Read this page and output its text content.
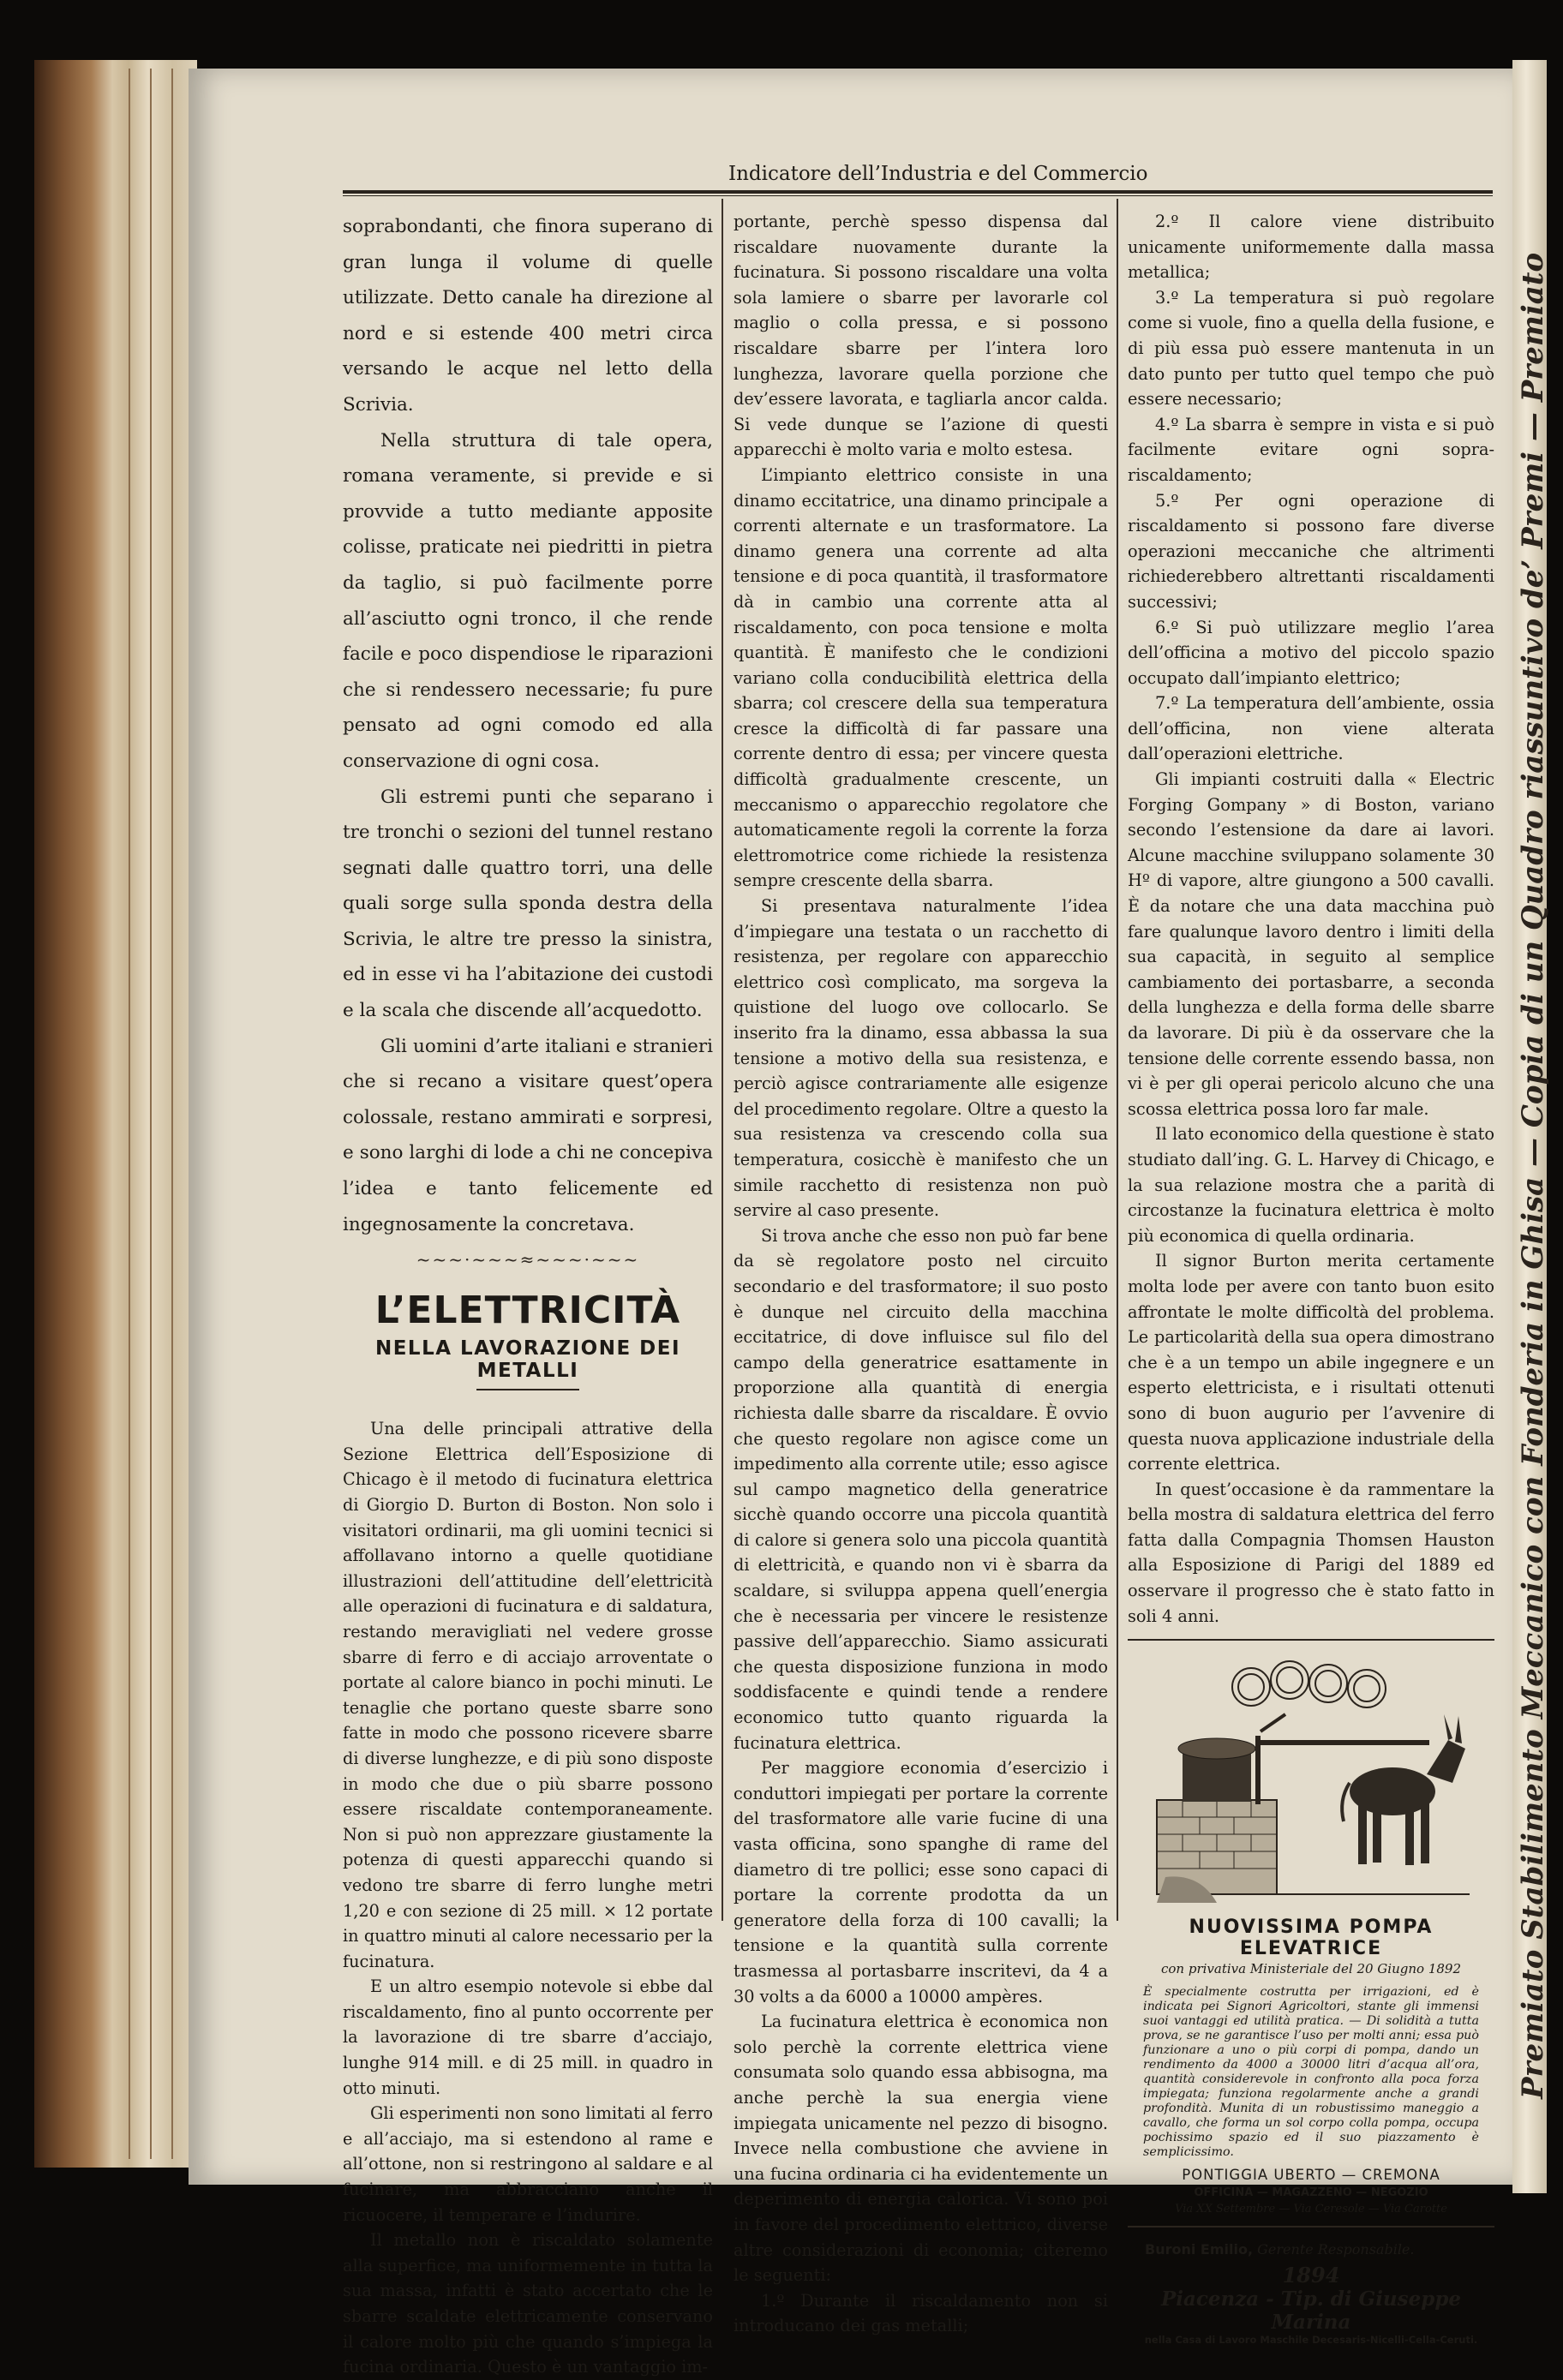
Premiato Stabilimento Meccanico con Fonderia in Ghisa — Copia di un Quadro riassuntivo de’ Premi — Premiato
Indicatore dell’Industria e del Commercio

soprabondanti, che finora superano di gran lunga il volume di quelle utilizzate. Detto canale ha direzione al nord e si estende 400 metri circa versando le acque nel letto della Scrivia.

Nella struttura di tale opera, romana veramente, si previde e si provvide a tutto mediante apposite colisse, praticate nei piedritti in pietra da taglio, si può facilmente porre all’asciutto ogni tronco, il che rende facile e poco dispendiose le riparazioni che si rendessero necessarie; fu pure pensato ad ogni comodo ed alla conservazione di ogni cosa.

Gli estremi punti che separano i tre tronchi o sezioni del tunnel restano segnati dalle quattro torri, una delle quali sorge sulla sponda destra della Scrivia, le altre tre presso la sinistra, ed in esse vi ha l’abitazione dei custodi e la scala che discende all’acquedotto.

Gli uomini d’arte italiani e stranieri che si recano a visitare quest’opera colossale, restano ammirati e sorpresi, e sono larghi di lode a chi ne concepiva l’idea e tanto felicemente ed ingegnosamente la concretava.

~~~·~~~≈~~~·~~~
L’ELETTRICITÀ
NELLA LAVORAZIONE DEI METALLI

Una delle principali attrative della Sezione Elettrica dell’Esposizione di Chicago è il metodo di fucinatura elettrica di Giorgio D. Burton di Boston. Non solo i visitatori ordinarii, ma gli uomini tecnici si affollavano intorno a quelle quotidiane illustrazioni dell’attitudine dell’elettricità alle operazioni di fucinatura e di saldatura, restando meravigliati nel vedere grosse sbarre di ferro e di acciajo arroventate o portate al calore bianco in pochi minuti. Le tenaglie che portano queste sbarre sono fatte in modo che possono ricevere sbarre di diverse lunghezze, e di più sono disposte in modo che due o più sbarre possono essere riscaldate contemporaneamente. Non si può non apprezzare giustamente la potenza di questi apparecchi quando si vedono tre sbarre di ferro lunghe metri 1,20 e con sezione di 25 mill. × 12 portate in quattro minuti al calore necessario per la fucinatura.

E un altro esempio notevole si ebbe dal riscaldamento, fino al punto occorrente per la lavorazione di tre sbarre d’acciajo, lunghe 914 mill. e di 25 mill. in quadro in otto minuti.

Gli esperimenti non sono limitati al ferro e all’acciajo, ma si estendono al rame e all’ottone, non si restringono al saldare e al fucinare, ma abbracciano anche il ricuocere, il temperare e l’indurire.

Il metallo non è riscaldato solamente alla superfice, ma uniformemente in tutta la sua massa, infatti è stato accertato che le sbarre scaldate elettricamente conservano il calore molto più che quando s’impiega la fucina ordinaria. Questo è un vantaggio im-

portante, perchè spesso dispensa dal riscaldare nuovamente durante la fucinatura. Si possono riscaldare una volta sola lamiere o sbarre per lavorarle col maglio o colla pressa, e si possono riscaldare sbarre per l’intera loro lunghezza, lavorare quella porzione che dev’essere lavorata, e tagliarla ancor calda. Si vede dunque se l’azione di questi apparecchi è molto varia e molto estesa.

L’impianto elettrico consiste in una dinamo eccitatrice, una dinamo principale a correnti alternate e un trasformatore. La dinamo genera una corrente ad alta tensione e di poca quantità, il trasformatore dà in cambio una corrente atta al riscaldamento, con poca tensione e molta quantità. È manifesto che le condizioni variano colla conducibilità elettrica della sbarra; col crescere della sua temperatura cresce la difficoltà di far passare una corrente dentro di essa; per vincere questa difficoltà gradualmente crescente, un meccanismo o apparecchio regolatore che automaticamente regoli la corrente la forza elettromotrice come richiede la resistenza sempre crescente della sbarra.

Si presentava naturalmente l’idea d’impiegare una testata o un racchetto di resistenza, per regolare con apparecchio elettrico così complicato, ma sorgeva la quistione del luogo ove collocarlo. Se inserito fra la dinamo, essa abbassa la sua tensione a motivo della sua resistenza, e perciò agisce contrariamente alle esigenze del procedimento regolare. Oltre a questo la sua resistenza va crescendo colla sua temperatura, cosicchè è manifesto che un simile racchetto di resistenza non può servire al caso presente.

Si trova anche che esso non può far bene da sè regolatore posto nel circuito secondario e del trasformatore; il suo posto è dunque nel circuito della macchina eccitatrice, di dove influisce sul filo del campo della generatrice esattamente in proporzione alla quantità di energia richiesta dalle sbarre da riscaldare. È ovvio che questo regolare non agisce come un impedimento alla corrente utile; esso agisce sul campo magnetico della generatrice sicchè quando occorre una piccola quantità di calore si genera solo una piccola quantità di elettricità, e quando non vi è sbarra da scaldare, si sviluppa appena quell’energia che è necessaria per vincere le resistenze passive dell’apparecchio. Siamo assicurati che questa disposizione funziona in modo soddisfacente e quindi tende a rendere economico tutto quanto riguarda la fucinatura elettrica.

Per maggiore economia d’esercizio i conduttori impiegati per portare la corrente del trasformatore alle varie fucine di una vasta officina, sono spanghe di rame del diametro di tre pollici; esse sono capaci di portare la corrente prodotta da un generatore della forza di 100 cavalli; la tensione e la quantità sulla corrente trasmessa al portasbarre inscritevi, da 4 a 30 volts a da 6000 a 10000 ampères.

La fucinatura elettrica è economica non solo perchè la corrente elettrica viene consumata solo quando essa abbisogna, ma anche perchè la sua energia viene impiegata unicamente nel pezzo di bisogno. Invece nella combustione che avviene in una fucina ordinaria ci ha evidentemente un deperimento di energia calorica. Vi sono poi in favore del procedimento elettrico, diverse altre considerazioni di economia; citeremo le seguenti:

1.º Durante il riscaldamento non si introducano dei gas metalli;

2.º Il calore viene distribuito unicamente uniformemente dalla massa metallica;

3.º La temperatura si può regolare come si vuole, fino a quella della fusione, e di più essa può essere mantenuta in un dato punto per tutto quel tempo che può essere necessario;

4.º La sbarra è sempre in vista e si può facilmente evitare ogni sopra-riscaldamento;

5.º Per ogni operazione di riscaldamento si possono fare diverse operazioni meccaniche che altrimenti richiederebbero altrettanti riscaldamenti successivi;

6.º Si può utilizzare meglio l’area dell’officina a motivo del piccolo spazio occupato dall’impianto elettrico;

7.º La temperatura dell’ambiente, ossia dell’officina, non viene alterata dall’operazioni elettriche.

Gli impianti costruiti dalla « Electric Forging Gompany » di Boston, variano secondo l’estensione da dare ai lavori. Alcune macchine sviluppano solamente 30 Hº di vapore, altre giungono a 500 cavalli. È da notare che una data macchina può fare qualunque lavoro dentro i limiti della sua capacità, in seguito al semplice cambiamento dei portasbarre, a seconda della lunghezza e della forma delle sbarre da lavorare. Di più è da osservare che la tensione delle corrente essendo bassa, non vi è per gli operai pericolo alcuno che una scossa elettrica possa loro far male.

Il lato economico della questione è stato studiato dall’ing. G. L. Harvey di Chicago, e la sua relazione mostra che a parità di circostanze la fucinatura elettrica è molto più economica di quella ordinaria.

Il signor Burton merita certamente molta lode per avere con tanto buon esito affrontate le molte difficoltà del problema. Le particolarità della sua opera dimostrano che è a un tempo un abile ingegnere e un esperto elettricista, e i risultati ottenuti sono di buon augurio per l’avvenire di questa nuova applicazione industriale della corrente elettrica.

In quest’occasione è da rammentare la bella mostra di saldatura elettrica del ferro fatta dalla Compagnia Thomsen Hauston alla Esposizione di Parigi del 1889 ed osservare il progresso che è stato fatto in soli 4 anni.

NUOVISSIMA POMPA ELEVATRICE
con privativa Ministeriale del 20 Giugno 1892

È specialmente costrutta per irrigazioni, ed è indicata pei Signori Agricoltori, stante gli immensi suoi vantaggi ed utilità pratica. — Di solidità a tutta prova, se ne garantisce l’uso per molti anni; essa può funzionare a uno o più corpi di pompa, dando un rendimento da 4000 a 30000 litri d’acqua all’ora, quantità considerevole in confronto alla poca forza impiegata; funziona regolarmente anche a grandi profondità. Munita di un robustissimo maneggio a cavallo, che forma un sol corpo colla pompa, occupa pochissimo spazio ed il suo piazzamento è semplicissimo.

PONTIGGIA UBERTO — CREMONA
OFFICINA — MAGAZZENO — NEGOZIO
Via XX Settembre — Via Ceresole — Via Carotte
Buroni Emilio, Gerente Responsabile.
1894
Piacenza - Tip. di Giuseppe Marina
nella Casa di Lavoro Maschile Decesaris-Nicelli-Cella-Ceruti.
